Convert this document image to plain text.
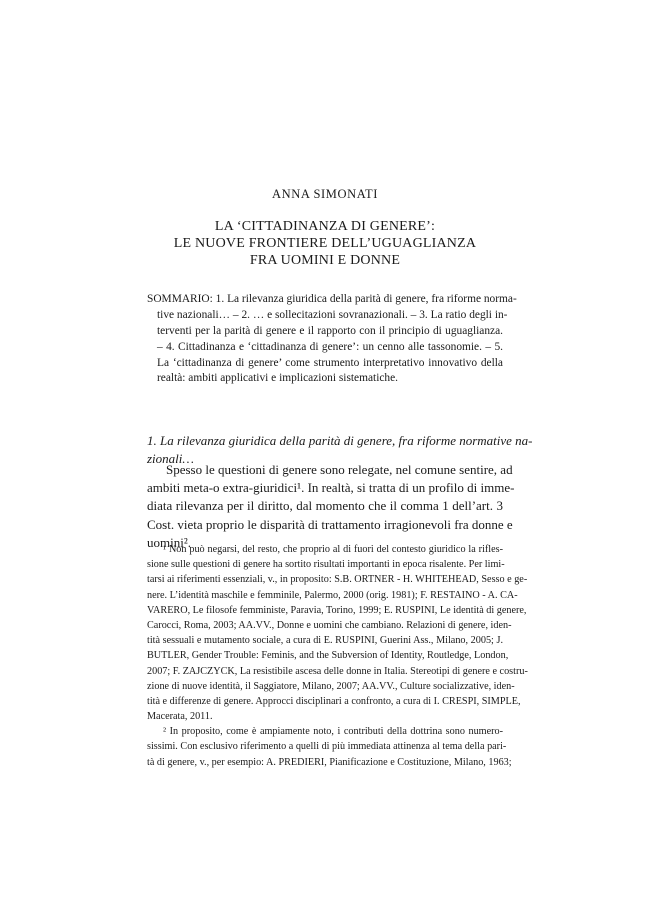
ANNA SIMONATI
LA ‘CITTADINANZA DI GENERE’:
LE NUOVE FRONTIERE DELL’UGUAGLIANZA
FRA UOMINI E DONNE
SOMMARIO: 1. La rilevanza giuridica della parità di genere, fra riforme norma-
tive nazionali… – 2. … e sollecitazioni sovranazionali. – 3. La ratio degli in-
terventi per la parità di genere e il rapporto con il principio di uguaglianza.
– 4. Cittadinanza e ‘cittadinanza di genere’: un cenno alle tassonomie. – 5.
La ‘cittadinanza di genere’ come strumento interpretativo innovativo della
realtà: ambiti applicativi e implicazioni sistematiche.
1. La rilevanza giuridica della parità di genere, fra riforme normative na-
zionali…
Spesso le questioni di genere sono relegate, nel comune sentire, ad
ambiti meta-o extra-giuridici¹. In realtà, si tratta di un profilo di imme-
diata rilevanza per il diritto, dal momento che il comma 1 dell’art. 3
Cost. vieta proprio le disparità di trattamento irragionevoli fra donne e
uomini².
¹ Non può negarsi, del resto, che proprio al di fuori del contesto giuridico la rifles-
sione sulle questioni di genere ha sortito risultati importanti in epoca risalente. Per limi-
tarsi ai riferimenti essenziali, v., in proposito: S.B. ORTNER - H. WHITEHEAD, Sesso e ge-
nere. L’identità maschile e femminile, Palermo, 2000 (orig. 1981); F. RESTAINO - A. CA-
VARERO, Le filosofe femministe, Paravia, Torino, 1999; E. RUSPINI, Le identità di genere,
Carocci, Roma, 2003; AA.VV., Donne e uomini che cambiano. Relazioni di genere, iden-
tità sessuali e mutamento sociale, a cura di E. RUSPINI, Guerini Ass., Milano, 2005; J.
BUTLER, Gender Trouble: Feminis, and the Subversion of Identity, Routledge, London,
2007; F. ZAJCZYCK, La resistibile ascesa delle donne in Italia. Stereotipi di genere e costru-
zione di nuove identità, il Saggiatore, Milano, 2007; AA.VV., Culture socializzative, iden-
tità e differenze di genere. Approcci disciplinari a confronto, a cura di I. CRESPI, SIMPLE,
Macerata, 2011.
² In proposito, come è ampiamente noto, i contributi della dottrina sono numero-
sissimi. Con esclusivo riferimento a quelli di più immediata attinenza al tema della pari-
tà di genere, v., per esempio: A. PREDIERI, Pianificazione e Costituzione, Milano, 1963;
